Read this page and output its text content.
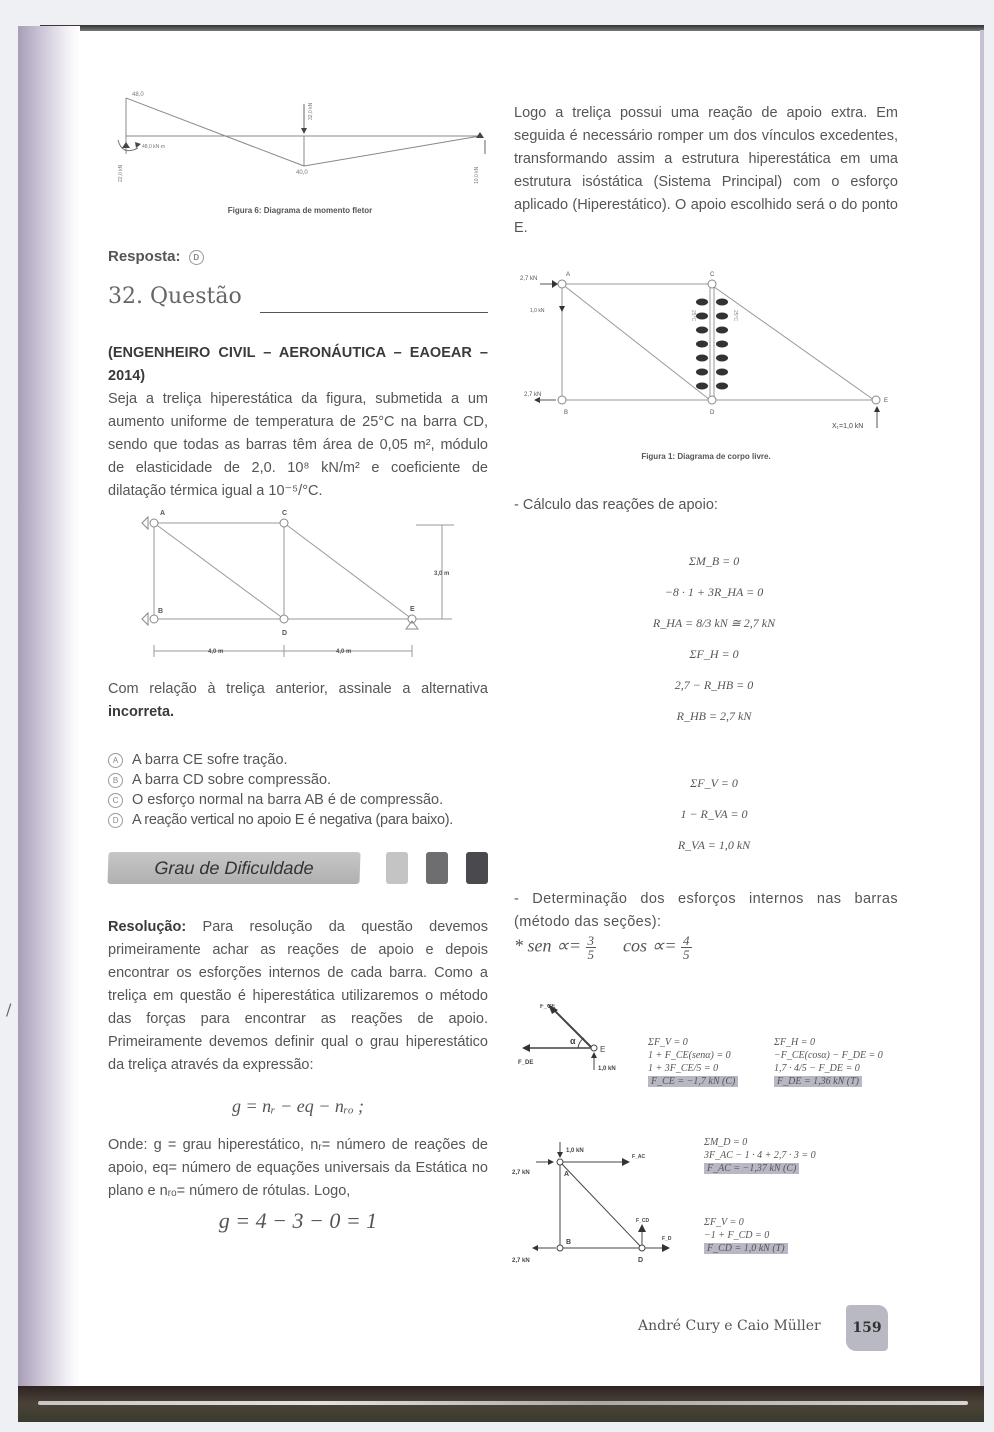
/
48,0
48,0 kN·m
40,0
32,0 kN
22,0 kN	10,0 kN
Figura 6: Diagrama de momento fletor
Resposta: D
32. Questão
(ENGENHEIRO CIVIL – AERONÁUTICA – EAOEAR – 2014)
Seja a treliça hiperestática da figura, submetida a um aumento uniforme de temperatura de 25°C na barra CD, sendo que todas as barras têm área de 0,05 m², módulo de elasticidade de 2,0. 10⁸ kN/m² e coeficiente de dilatação térmica igual a 10⁻⁵/°C.
A	C
B
D
E
3,0 m
4,0 m	4,0 m
Com relação à treliça anterior, assinale a alternativa incorreta.
A A barra CE sofre tração.
B A barra CD sobre compressão.
C O esforço normal na barra AB é de compressão.
D A reação vertical no apoio E é negativa (para baixo).
Grau de Dificuldade
Resolução: Para resolução da questão devemos primeiramente achar as reações de apoio e depois encontrar os esforções internos de cada barra. Como a treliça em questão é hiperestática utilizaremos o método das forças para encontrar as reações de apoio. Primeiramente devemos definir qual o grau hiperestático da treliça através da expressão:
g = nᵣ − eq − nᵣₒ ;
Onde: g = grau hiperestático, nᵣ= número de reações de apoio, eq= número de equações universais da Estática no plano e nᵣₒ= número de rótulas. Logo,
g = 4 − 3 − 0 = 1
Logo a treliça possui uma reação de apoio extra. Em seguida é necessário romper um dos vínculos excedentes, transformando assim a estrutura hiperestática em uma estrutura isóstática (Sistema Principal) com o esforço aplicado (Hiperestático). O apoio escolhido será o do ponto E.
2,7 kN
1,0 kN
2,7 kN
X₁=1,0 kN
25°C	25°C
A	C
B	D
E
Figura 1: Diagrama de corpo livre.
- Cálculo das reações de apoio:
ΣM_B = 0
−8 · 1 + 3R_HA = 0
R_HA = 8/3 kN ≅ 2,7 kN
ΣF_H = 0
2,7 − R_HB = 0
R_HB = 2,7 kN
ΣF_V = 0
1 − R_VA = 0
R_VA = 1,0 kN
- Determinação dos esforços internos nas barras (método das seções):
* sen ∝= $\frac{3}{5}$ $\cos \propto= \frac{4}{5}$
F_CE
F_DE
α
E
1,0 kN
ΣF_V = 0
1 + F_CE(senα) = 0
1 + 3F_CE/5 = 0
F_CE = −1,7 kN (C)
ΣF_H = 0
−F_CE(cosα) − F_DE = 0
1,7 · 4/5 − F_DE = 0
F_DE = 1,36 kN (T)
1,0 kN
F_AC
2,7 kN
2,7 kN
F_CD
F_D
A
B
D
ΣM_D = 0
3F_AC − 1 · 4 + 2,7 · 3 = 0
F_AC = −1,37 kN (C)
ΣF_V = 0
−1 + F_CD = 0
F_CD = 1,0 kN (T)
André Cury e Caio Müller	159
